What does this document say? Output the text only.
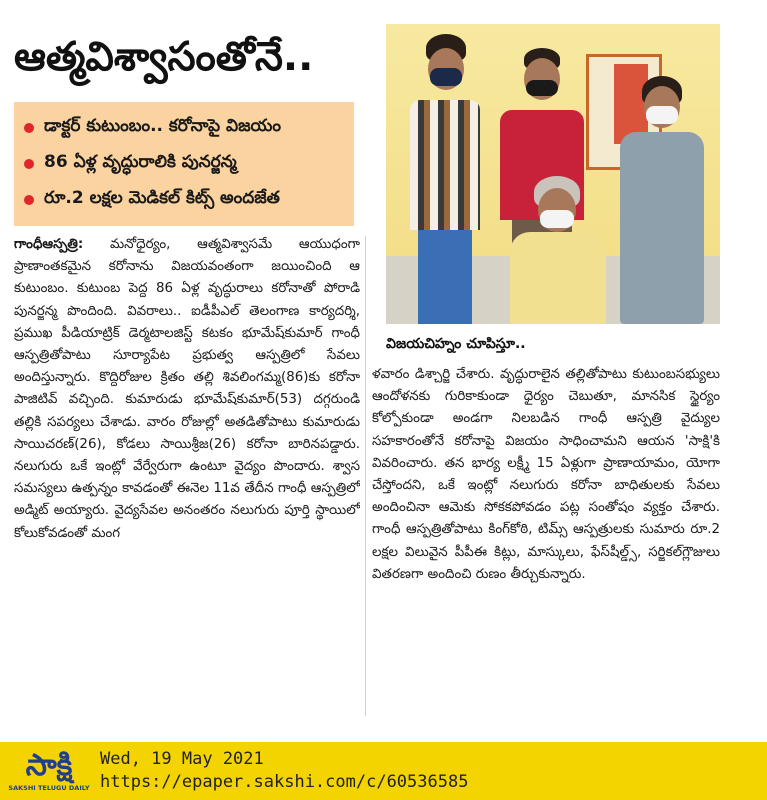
ఆత్మవిశ్వాసంతోనే..
డాక్టర్ కుటుంబం.. కరోనాపై విజయం
86 ఏళ్ల వృద్ధురాలికి పునర్జన్మ
రూ.2 లక్షల మెడికల్ కిట్స్ అందజేత
గాంధీఆస్పత్రి: మనోధైర్యం, ఆత్మవిశ్వాసమే ఆయుధంగా ప్రాణాంతకమైన కరోనాను విజయవంతంగా జయించింది ఆ కుటుంబం. కుటుంబ పెద్ద 86 ఏళ్ల వృద్ధురాలు కరోనాతో పోరాడి పునర్జన్మ పొందింది. వివరాలు.. ఐడీపీఎల్ తెలంగాణ కార్యదర్శి, ప్రముఖ పీడియాట్రిక్ డెర్మటాలజిస్ట్ కటకం భూమేష్‌కుమార్ గాంధీ ఆస్పత్రితోపాటు సూర్యాపేట ప్రభుత్వ ఆస్పత్రిలో సేవలు అందిస్తున్నారు. కొద్దిరోజుల క్రితం తల్లి శివలింగమ్మ(86)కు కరోనా పాజిటివ్ వచ్చింది. కుమారుడు భూమేష్‌కుమార్(53) దగ్గరుండి తల్లికి సపర్యలు చేశాడు. వారం రోజుల్లో అతడితోపాటు కుమారుడు సాయిచరణ్(26), కోడలు సాయిశ్రీజ(26) కరోనా బారినపడ్డారు. నలుగురు ఒకే ఇంట్లో వేర్వేరుగా ఉంటూ వైద్యం పొందారు. శ్వాస సమస్యలు ఉత్పన్నం కావడంతో ఈనెల 11వ తేదీన గాంధీ ఆస్పత్రిలో అడ్మిట్ అయ్యారు. వైద్యసేవల అనంతరం నలుగురు పూర్తి స్థాయిలో కోలుకోవడంతో మంగ
విజయచిహ్నం చూపిస్తూ..
ళవారం డిశ్చార్జి చేశారు. వృద్ధురాలైన తల్లితోపాటు కుటుంబసభ్యులు ఆందోళనకు గురికాకుండా ధైర్యం చెబుతూ, మానసిక స్థైర్యం కోల్పోకుండా అండగా నిలబడిన గాంధీ ఆస్పత్రి వైద్యుల సహకారంతోనే కరోనాపై విజయం సాధించామని ఆయన 'సాక్షి'కి వివరించారు. తన భార్య లక్ష్మీ 15 ఏళ్లుగా ప్రాణాయామం, యోగా చేస్తోందని, ఒకే ఇంట్లో నలుగురు కరోనా బాధితులకు సేవలు అందించినా ఆమెకు సోకకపోవడం పట్ల సంతోషం వ్యక్తం చేశారు. గాంధీ ఆస్పత్రితోపాటు కింగ్‌కోఠి, టిమ్స్ ఆస్పత్రులకు సుమారు రూ.2 లక్షల విలువైన పీపీఈ కిట్లు, మాస్కులు, ఫేస్‌షీల్డ్స్, సర్జికల్‌గ్లౌజులు వితరణగా అందించి రుణం తీర్చుకున్నారు.
సాక్షి
SAKSHI TELUGU DAILY
Wed, 19 May 2021
https://epaper.sakshi.com/c/60536585
